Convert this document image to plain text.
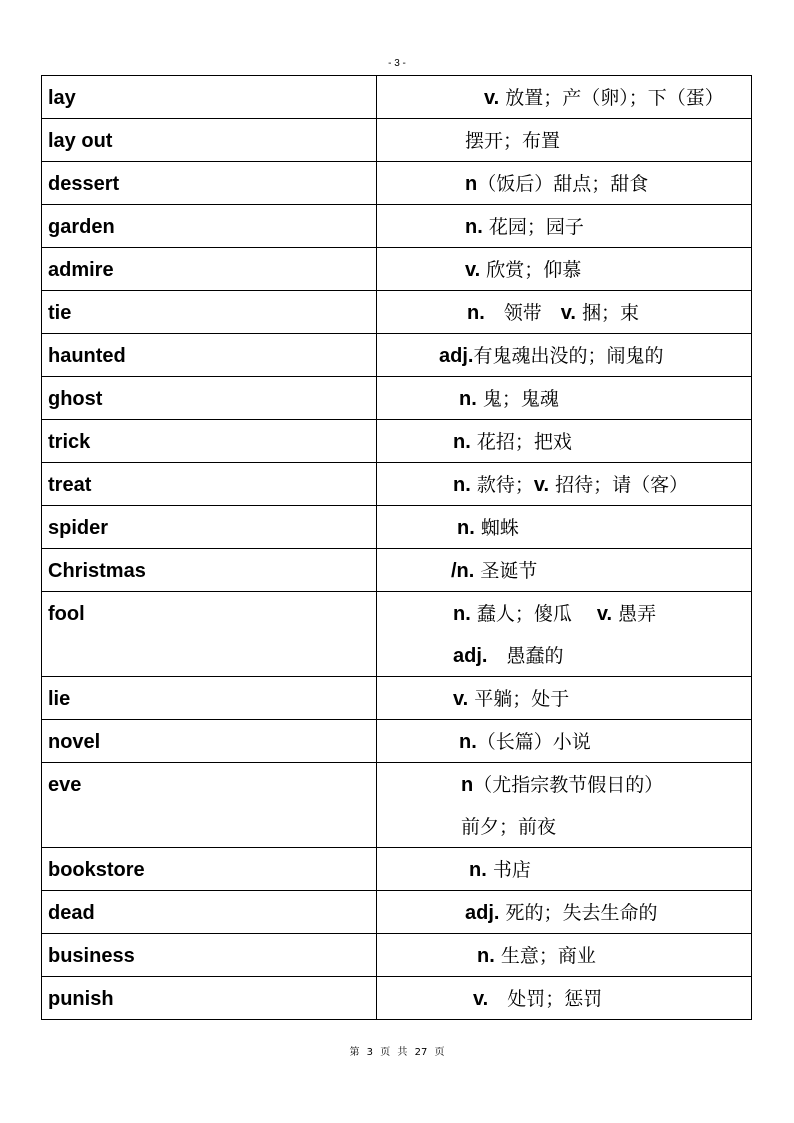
- 3 -
lay	v. 放置；产（卵）；下（蛋）

lay out	摆开；布置

dessert	n（饭后）甜点；甜食

garden	n. 花园；园子

admire	v. 欣赏；仰慕

tie	n.　领带　v. 捆；束

haunted	adj.有鬼魂出没的；闹鬼的

ghost	n. 鬼；鬼魂

trick	n. 花招；把戏

treat	n. 款待；v. 招待；请（客）

spider	n. 蜘蛛

Christmas	/n. 圣诞节

fool	n. 蠢人；傻瓜　 v. 愚弄
adj.　愚蠢的

lie	v. 平躺；处于

novel	n.（长篇）小说

eve	n（尤指宗教节假日的）
前夕；前夜

bookstore	n. 书店

dead	adj. 死的；失去生命的

business	n. 生意；商业

punish	v.　处罚；惩罚
第 3 页 共 27 页
